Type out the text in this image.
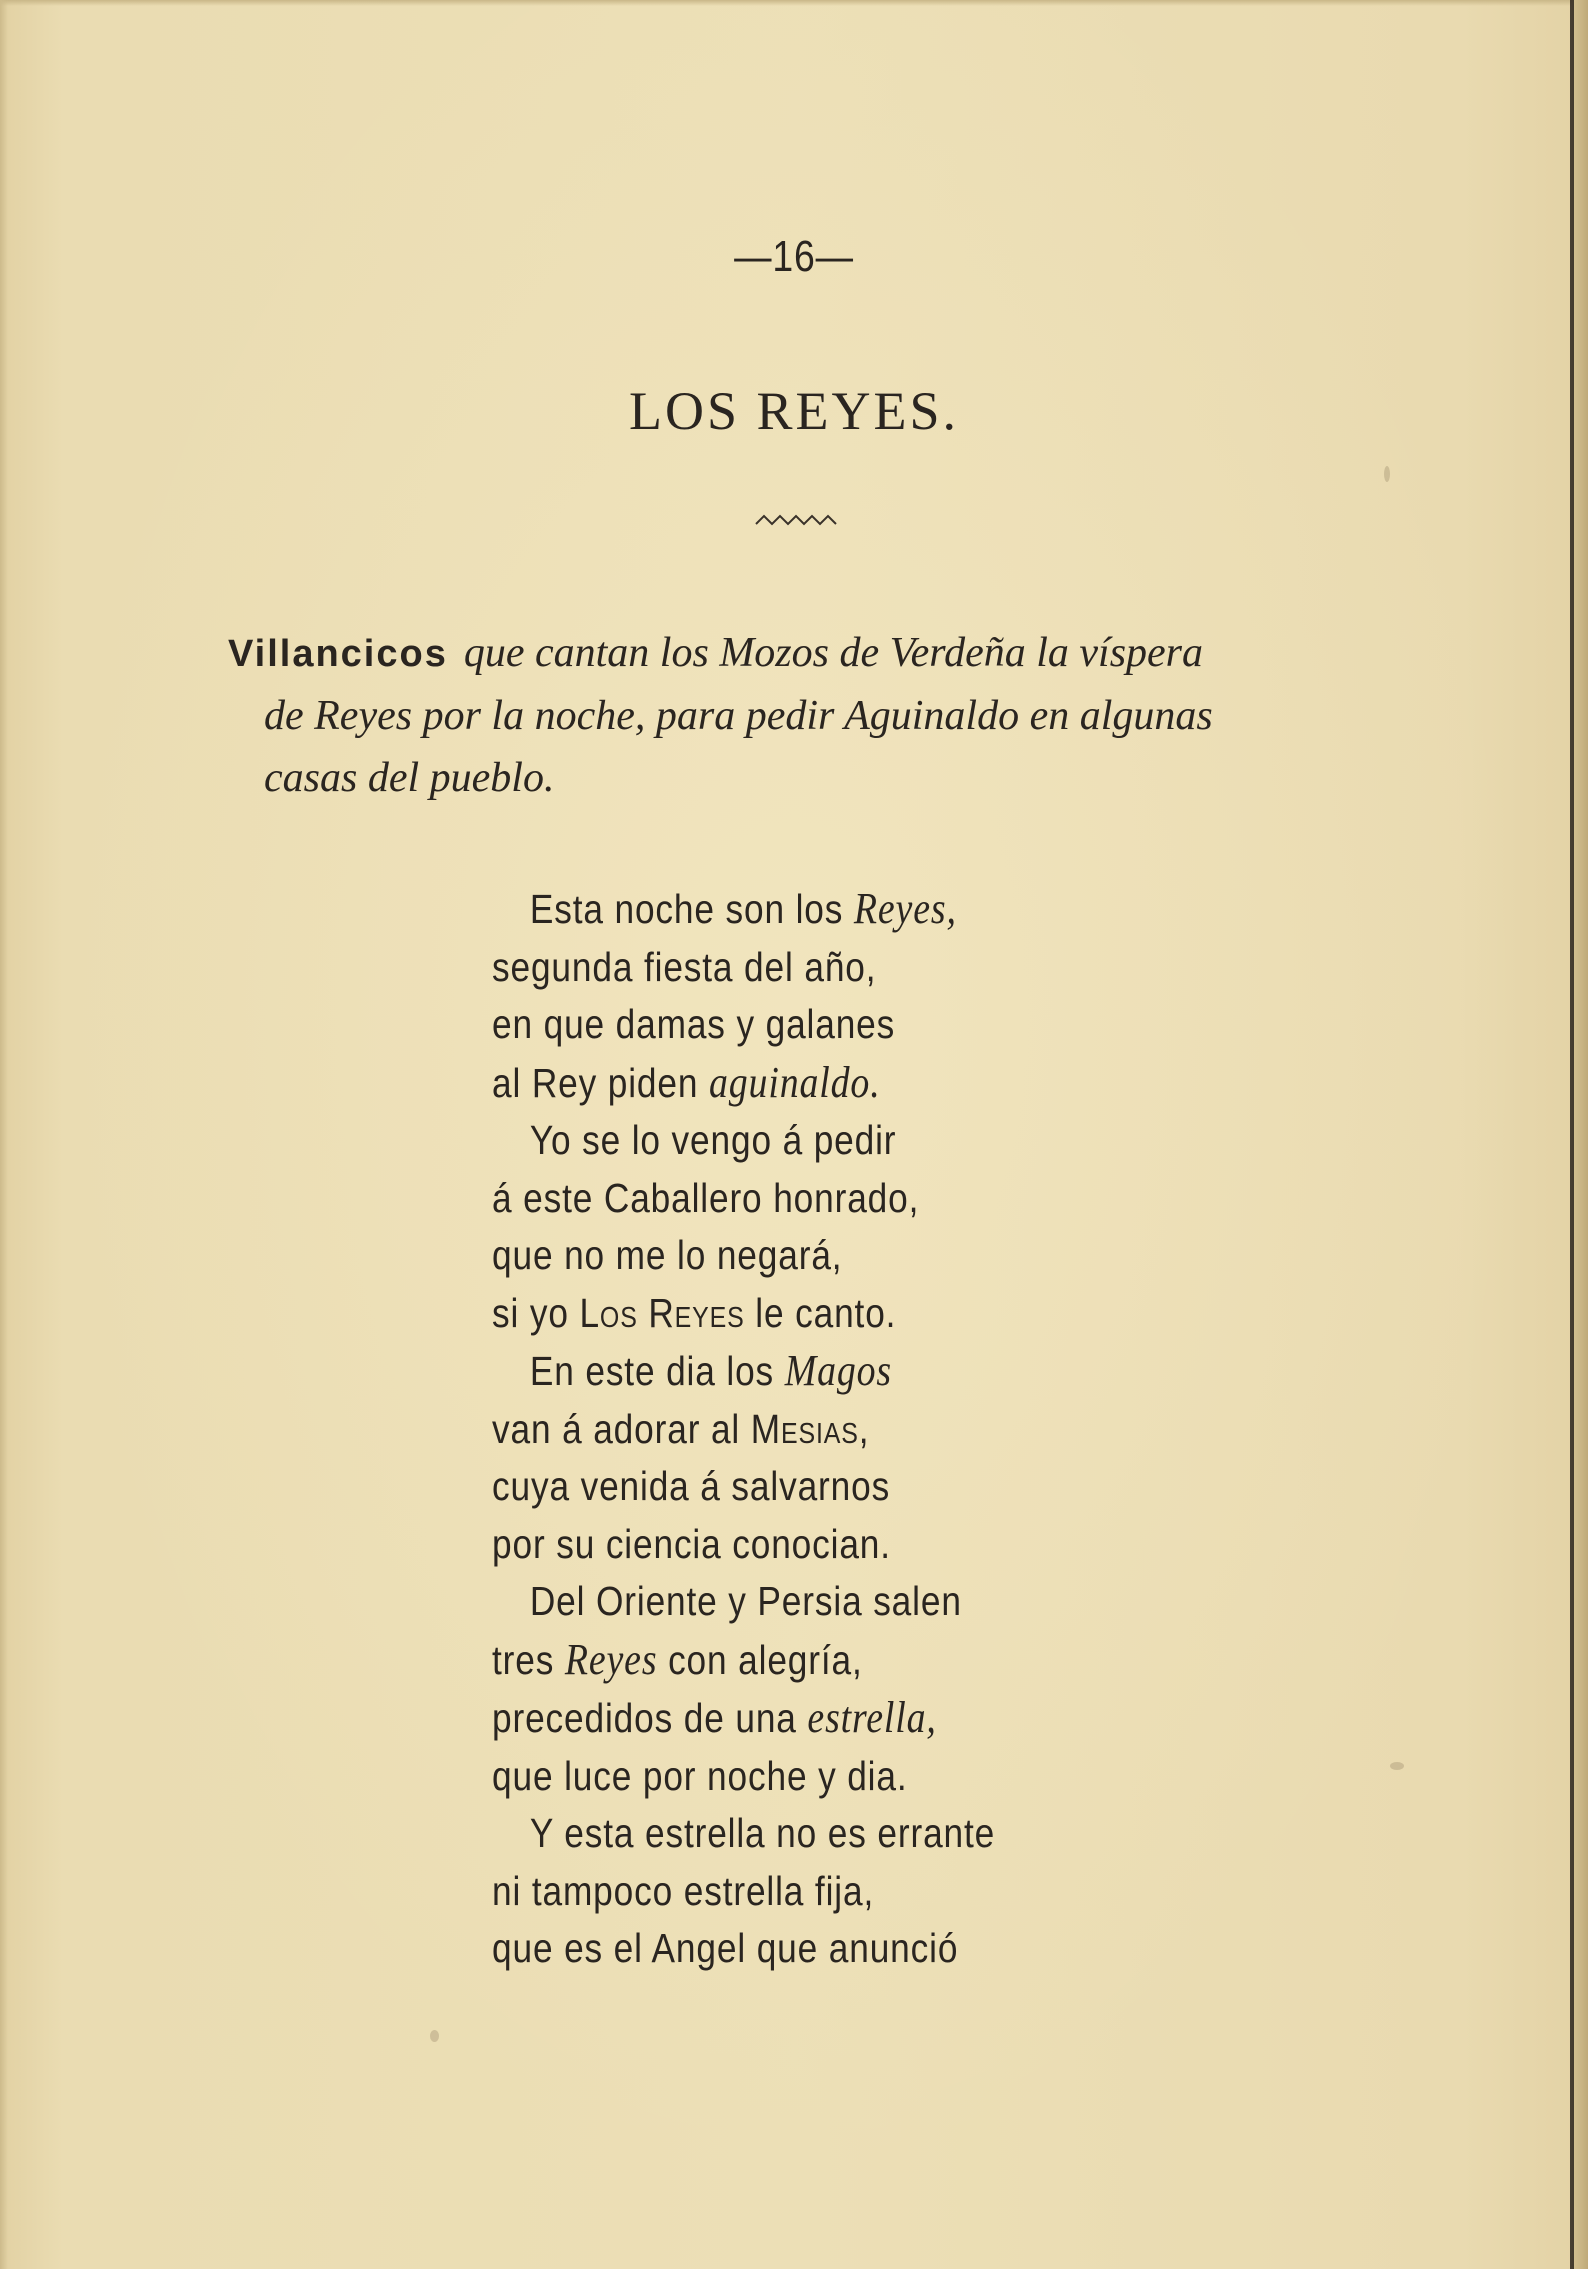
—16—
LOS REYES.
Villancicos que cantan los Mozos de Verdeña la víspera
de Reyes por la noche, para pedir Aguinaldo en algunas
casas del pueblo.
Esta noche son los Reyes,
segunda fiesta del año,
en que damas y galanes
al Rey piden aguinaldo.
Yo se lo vengo á pedir
á este Caballero honrado,
que no me lo negará,
si yo Los Reyes le canto.
En este dia los Magos
van á adorar al Mesias,
cuya venida á salvarnos
por su ciencia conocian.
Del Oriente y Persia salen
tres Reyes con alegría,
precedidos de una estrella,
que luce por noche y dia.
Y esta estrella no es errante
ni tampoco estrella fija,
que es el Angel que anunció
